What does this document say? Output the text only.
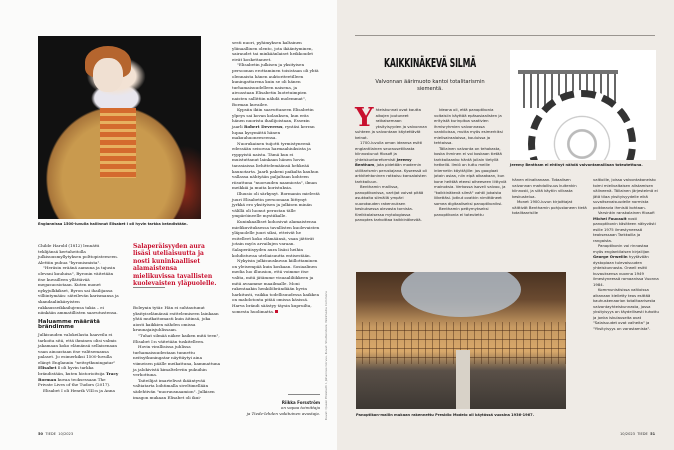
Englannissa 1500-luvulla hallinnut Elisabet I oli hyvin tarkka brändistään.

Childe Harold (1812) lennätti teklijänsä kertaheitolla julkisuusmyllytyksen polttopisteeseen. Alettiin puhua "byronismista".

"Heräsin eräänä aamuna ja tajusin olevani kuuluisa", Byronin väitetään itse kuvailleen yllättävää megasuosiotaan. Kuten monet nykyjulkkikset, Byron sai ihailijansa villiintymään: säteilevän karismansa ja skandaalinkäryisten rakkausseikkailujensa takia – ei niinkään ammatillisten saavutustensa.

Haluamme määrätä brändimme

Julkisuuden valokeilasta haaveilu ei tarkoita sitä, että ihminen olisi valmis jakamaan koko elämänsä sellaisenaan vaan ainoastaan itse valitsemansa palaset. Jo esimerkiksi 1500-luvulla elänyt Englannin "neitsytkuningatar" Elisabet I oli hyvin tarkka brändistään, kuten historioitsija Tracy Borman kuvaa teoksessaan The Private Lives of the Tudors (2017).

Elisabet I oli Henrik VIII:n ja Anna

Salaperäisyyden aura lisäsi uteliaisuutta ja nosti kuninkaalliset alamaistensa mielikuvissa tavallisten kuolevaisten yläpuolelle.

Boleynin tytär. Hän ei suhtautunut yksityiselämänsä esittelemiseen lainkaan yhtä mutkattomasti kuin äitinsä, joka aiosti kaikkien nähden omissa kruunajaisjuhlissaan.

"Tuhat silmää näkee kaiken mitä teen", Elisabet I:n väitetään tuskitelleen.

Hovin virallisissa juhlissa turhamaisuudestaan tunnettu neitsytkuningatar näyttäytyi aina viimeisen päälle meikattuna, kammattuna ja jalokivistä kimalteleviin pukuihin verhottuna.

Taiteilijat imartelivat ikääntyvää valtiatarta loihtimalla siveltimellään sädehtivän "nuoruusnaamion". Julkisen imagon mukaan Elisabet oli ikui-

sesti nuori, pyhimyksen kaltainen yliinaallinen olento, jota ikääntyminen, sairaudet tai minkäänlaiset heikkoudet eivät koskettaneet.

"Elisabetin julkisen ja yksityisen persoonan erottaminen toisistaan oli yhtä olennaista hänen auktoriteetilleen kuningattarena kuin se oli hänen turhamaisuudelleen naisena, ja aivoastaan Elisabetin luotetuimpien naisten sallittiin nähdä molemmat", Borman kuvailee.

Kypsiin ikiin saavuttaneen Elisabetin ylpeys sai kovan kolauksen, kun eräs hänen nuorista ihailijoistaan, Essexin jaarli Robert Devereux, ryntäsi kerran lupaa kysymättä hänen makuuhuoneeseensa.

Nuorukainen tuijotti tyrmistyneenä edessään seisovaa harmaahiuksista ja ryppyistä naista. Tämä kun ei muistuttanut lainkaan hänen hovin tanssiaissa liehittelemäänsä hehkeää kaunotarta. Jaarli pakeni paikalta kauhun vallassa nähtyään paljaltaan kohteen riisuttuna "nuoruuden naamiosta", ilman meikkiä ja muita koristuksia.

Illuusio oli särkynyt. Bormanin mielestä juuri Elisabetin persoonaan liittynyt jyrkkä ero yksityisen ja julkisen minän välillä oli luonut perustan tälle ympäröineelle mystiikalle.

Kuninkaalliset kohosivat alamaistensa mielikuvituksessa tavallisten kuolevaisten yläpuolelle juuri siksi, etteivät he esitelleet koko elämäänsä, vaan jättivät jotain myös arvailujen varaan. Salaperäisyyden aura lisäsi heihin kohdistuvaa uteliaisuutta entisestään.

Nykyisin julkisuuskuvan kiillottaminen on yleisempää kuin koskaan. Sosiaalinen media luo illuusion, että voimme itse valita, mitä jätämme visuaaliliikkeen ja mitä avaamme maailmalle. Moni rakentaakin henkilöbrändiään hyvin harkitusti, vaikka todellisuudessa kaikkea on mahdotonta pitää omissa käsissä. Harva brändi säästyy täysin kupruilta, somesta huolimatta.

Riikka Forsström
on vapaa toimittaja
ja Tiede-lehden vakituinen avustaja. Kuvat: Queen Elizabeth I, Johannes Corvus, Kuvat: Shutterstock, Wikimedia Commons
50 TIEDE 10/2023
KAIKKINÄKEVÄ SILMÄ
Valvonnan äärimuoto kantoi totalitarismin siementä.

Yhteiskunnat ovat kautta aikojen joutuneet ratkaisemaan yksityisyyden ja valvonnan suhteen ja valvontaan käytettävät keinot.

1700-luvulla oman ideansa esitti englantilainen seurausetiikasta kiinnostunut filosofi ja yhteiskuntareformisti Jeremy Bentham, jota pidetään modernin utilitarismin perustajana. Kyseessä oli arkkitehtoninen ratkaisu kansalaisten tarkkailuun.

Benthamin mallissa, panoptikonissa, vartijat voivat pitää asukkaita silmällä ympäri vuorokauden rakennuksen keskuksessa olevasta tornista. Kreikkalaisessa mytologiassa panoptes tarkoittaa kaikkinäkevää.

Ideana oli, että panoptikonia voitaisiin käyttää epäsosiaalisten ja erityistä kurinpitoa vaativien ihmisryhmien valvonnassa vankiloissa, mutta myös esimerkiksi mielisairaaloissa, kouluissa ja tehtaissa.

Tällainen valvonta on tehokasta, koska ihminen ei voi koskaan tietää tarkkailaanko häntä jollain tietyllä hetkellä. Ilmiö on tuttu meille internetin käyttäjille: jos googlaat jotain asiaa, niin eipä aikaakaan, kun kone heittää eteesi aiheeseen liittyviä mainoksia. Verkossa isoveli valvoo, ja "kaikkinäkevä silmä" vahtii jokaista liikettäsi. Jotkut ovatkin nimittäneet somea digitaaliseksi panoptikoniksi.

Benthamin pettymykseksi panoptikonia ei toteutettu

Jeremy Bentham ei ehtinyt nähdä valvontamalliaan toteutettuna.

hänen elinaikanaan. Totaalisen valvonnan mahdollisuus kuitenkin kiinnosti, ja siitä käytiin vilkasta keskustelua.

Monet 1900-luvun kirjoittajat väittivät Benthamin pohjustaneen tietä totalitaarisille

valtioille, joissa valvontakoneisto toimi mielivaltaisen alistamisen välineenä. Tällainen järjestelmä ei jätä tilaa yksityisyydelle eikä suvaitsevaisuudelle normista poikkeavia ihmisiä kohtaan.

Varsinkin ranskalainen filosofi Michel Foucault nosti panoptikonin käsitteen näkyvästi esille 1975 ilmestyneessä teoksessaan Tarkkailla ja rangaista.

Panoptikonin voi rinnastaa myös englantilaisen kirjailijan George Orwellin hyytävään dystopiaan tulevaisuuden yhteiskunnasta. Orwell esitti kuvauksensa vuonna 1949 ilmestyneessä romaanissa Vuonna 1984.

Kommunistisissa valtioissa aikanaan kielletty teos esittää kauhuskenaarion totalitaarisesta valvontayhteiskunnasta, jossa yksityisyys on täydellisesti tuhottu ja jonka iskulauseita ovat "Salaisuudet ovat valheita" ja "Yksityisyys on varastamista".

Panoptikon-mallin mukaan rakennettu Presidio Modelo oli käytössä vuosina 1936-1967.
10/2023 TIEDE 51
